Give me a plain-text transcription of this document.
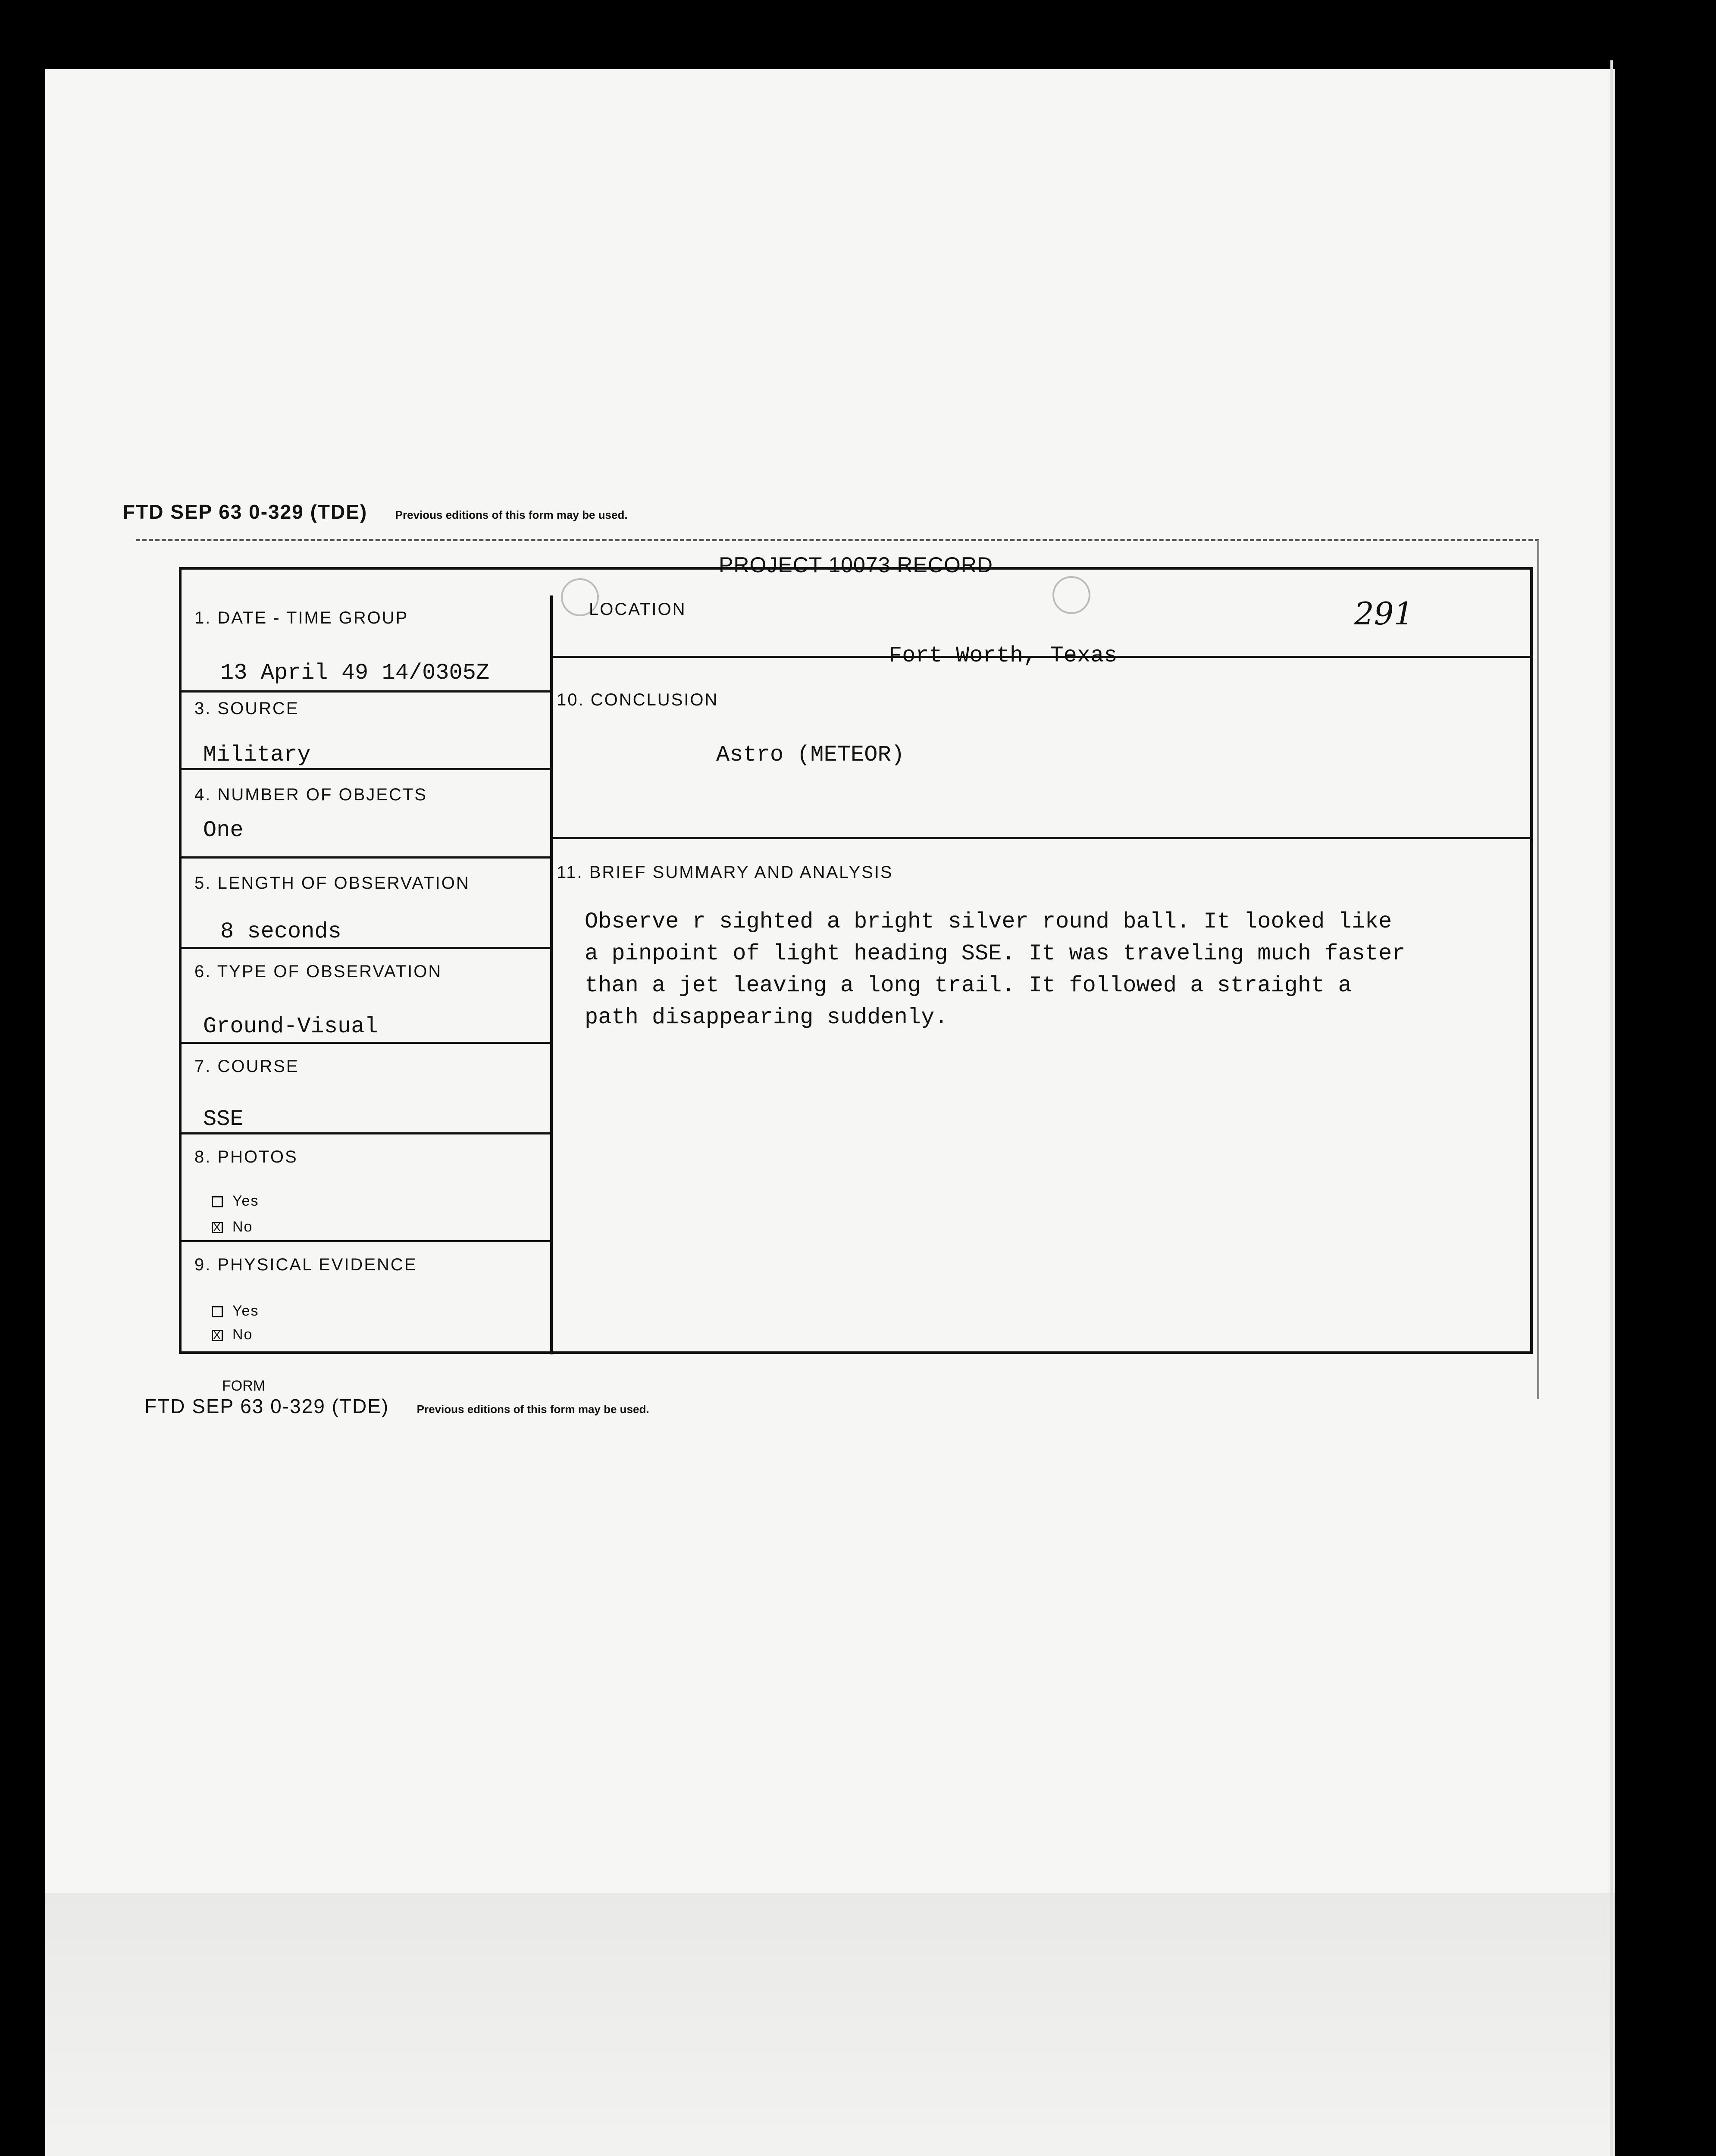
FTD SEP 63 0-329 (TDE) Previous editions of this form may be used.
PROJECT 10073 RECORD
1. DATE - TIME GROUP
13 April 49 14/0305Z
LOCATION
Fort Worth, Texas
291
3. SOURCE
Military
10. CONCLUSION
Astro (METEOR)
4. NUMBER OF OBJECTS
One
5. LENGTH OF OBSERVATION
8 seconds
11. BRIEF SUMMARY AND ANALYSIS
Observe r sighted a bright silver round ball. It looked like
a pinpoint of light heading SSE. It was traveling much faster
than a jet leaving a long trail. It followed a straight a
path disappearing suddenly.
6. TYPE OF OBSERVATION
Ground-Visual
7. COURSE
SSE
8. PHOTOS
Yes
X No
9. PHYSICAL EVIDENCE
Yes
X No
FORM
FTD SEP 63 0-329 (TDE) Previous editions of this form may be used.
